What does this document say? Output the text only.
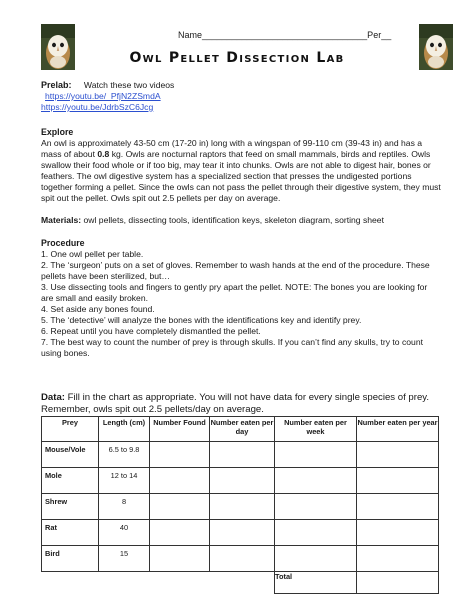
Name_________________________________Per__
Owl Pellet Dissection Lab
Prelab: Watch these two videos
https://youtu.be/_PfjN2ZSmdA
https://youtu.be/JdrbSzC6Jcg
Explore

An owl is approximately 43-50 cm (17-20 in) long with a wingspan of 99-110 cm (39-43 in) and has a mass of about 0.8 kg. Owls are nocturnal raptors that feed on small mammals, birds and reptiles. Owls swallow their food whole or if too big, may tear it into chunks. Owls are not able to digest hair, bones or feathers. The owl digestive system has a specialized section that presses the undigested portions together forming a pellet. Since the owls can not pass the pellet through their digestive system, they must spit out the pellet. Owls spit out 2.5 pellets per day on average.

Materials: owl pellets, dissecting tools, identification keys, skeleton diagram, sorting sheet
Procedure

1. One owl pellet per table.

2. The ‘surgeon’ puts on a set of gloves. Remember to wash hands at the end of the procedure. These pellets have been sterilized, but…

3. Use dissecting tools and fingers to gently pry apart the pellet. NOTE: The bones you are looking for are small and easily broken.

4. Set aside any bones found.

5. The ‘detective’ will analyze the bones with the identifications key and identify prey.

6. Repeat until you have completely dismantled the pellet.

7. The best way to count the number of prey is through skulls. If you can’t find any skulls, try to count using bones.

Data: Fill in the chart as appropriate. You will not have data for every single species of prey. Remember, owls spit out 2.5 pellets/day on average.
Prey	Length (cm)	Number Found	Number eaten per day	Number eaten per week	Number eaten per year
Mouse/Vole	6.5 to 9.8				
Mole	12 to 14				
Shrew	8				
Rat	40				
Bird	15				
				Total	
